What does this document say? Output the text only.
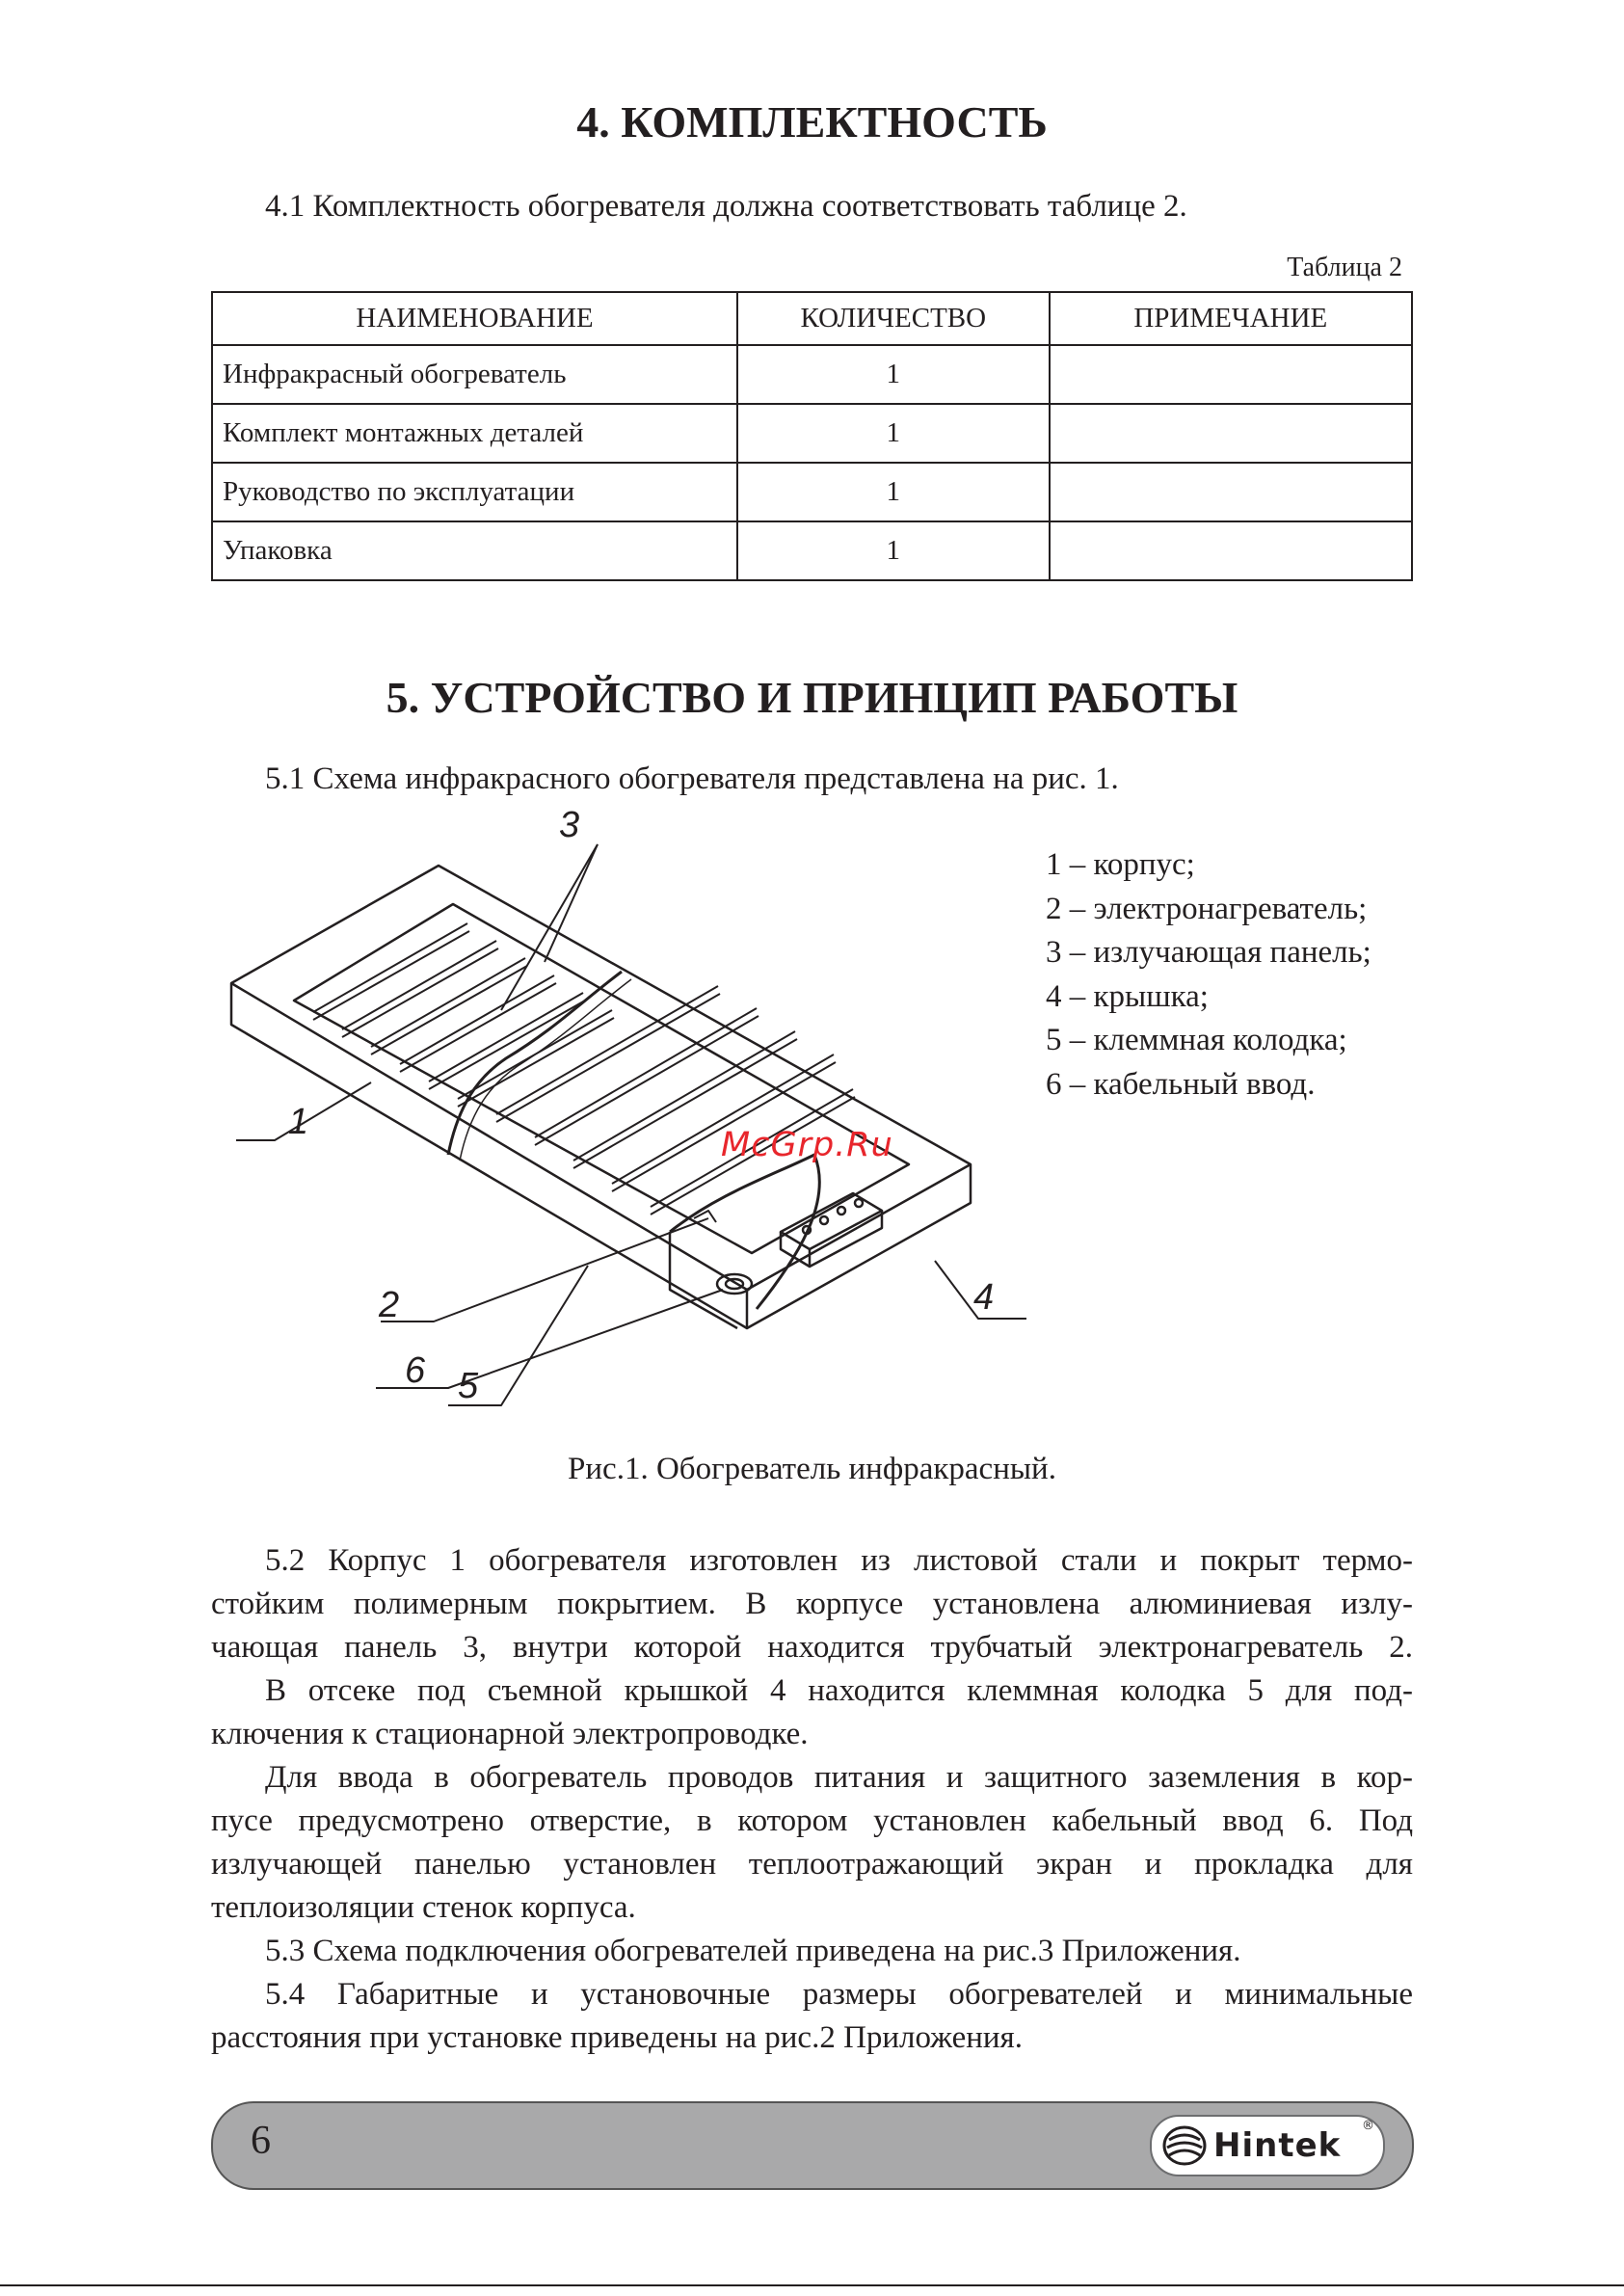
4. КОМПЛЕКТНОСТЬ

4.1 Комплектность обогревателя должна соответствовать таблице 2.

Таблица 2
НАИМЕНОВАНИЕ	КОЛИЧЕСТВО	ПРИМЕЧАНИЕ
Инфракрасный обогреватель	1	
Комплект монтажных деталей	1	
Руководство по эксплуатации	1	
Упаковка	1	
5. УСТРОЙСТВО И ПРИНЦИП РАБОТЫ

5.1 Схема инфракрасного обогревателя представлена на рис. 1.

1
2
3
4
5
6
McGrp.Ru
1 – корпус;
2 – электронагреватель;
3 – излучающая панель;
4 – крышка;
5 – клеммная колодка;
6 – кабельный ввод.
Рис.1. Обогреватель инфракрасный.
5.2 Корпус 1 обогревателя изготовлен из листовой стали и покрыт термо-
стойким полимерным покрытием. В корпусе установлена алюминиевая излу-
чающая панель 3, внутри которой находится трубчатый электронагреватель 2.
В отсеке под съемной крышкой 4 находится клеммная колодка 5 для под-
ключения к стационарной электропроводке.
Для ввода в обогреватель проводов питания и защитного заземления в кор-
пусе предусмотрено отверстие, в котором установлен кабельный ввод 6. Под
излучающей панелью установлен теплоотражающий экран и прокладка для
теплоизоляции стенок корпуса.
5.3 Схема подключения обогревателей приведена на рис.3 Приложения.
5.4 Габаритные и установочные размеры обогревателей и минимальные
расстояния при установке приведены на рис.2 Приложения.
6	Hintek
®
